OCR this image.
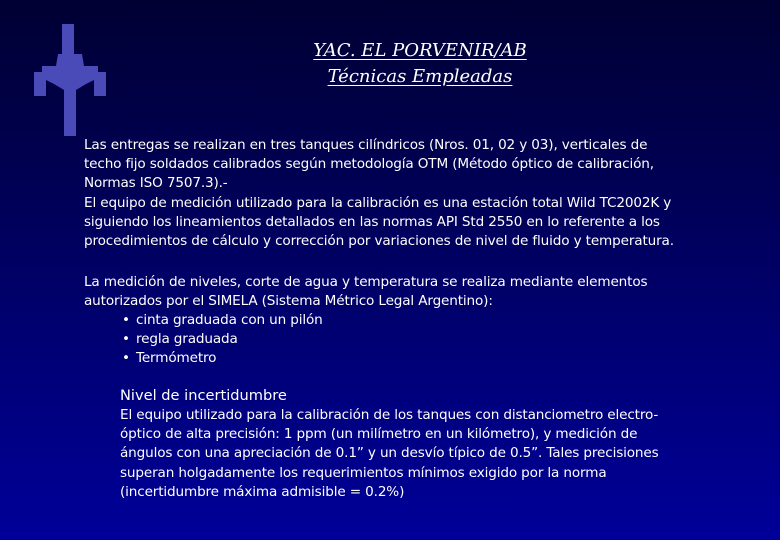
YAC. EL PORVENIR/AB
Técnicas Empleadas
Las entregas se realizan en tres tanques cilíndricos (Nros. 01, 02 y 03), verticales de
techo fijo soldados calibrados según metodología OTM (Método óptico de calibración,
Normas ISO 7507.3).-
El equipo de medición utilizado para la calibración es una estación total Wild TC2002K y
siguiendo los lineamientos detallados en las normas API Std 2550 en lo referente a los
procedimientos de cálculo y corrección por variaciones de nivel de fluido y temperatura.
La medición de niveles, corte de agua y temperatura se realiza mediante elementos
autorizados por el SIMELA (Sistema Métrico Legal Argentino):
• cinta graduada con un pilón
• regla graduada
• Termómetro
Nivel de incertidumbre
El equipo utilizado para la calibración de los tanques con distanciometro electro-
óptico de alta precisión: 1 ppm (un milímetro en un kilómetro), y medición de
ángulos con una apreciación de 0.1” y un desvío típico de 0.5”. Tales precisiones
superan holgadamente los requerimientos mínimos exigido por la norma
(incertidumbre máxima admisible = 0.2%)
